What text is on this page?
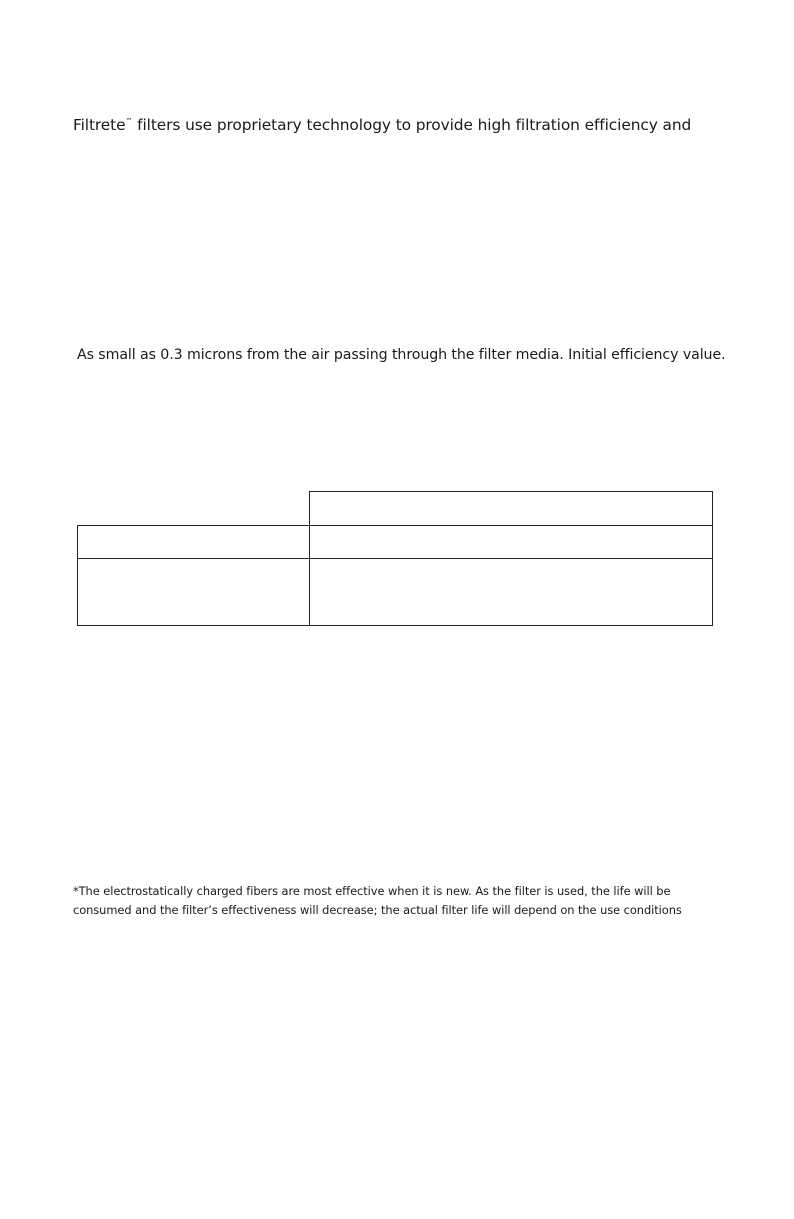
Filtrete™ filters use proprietary technology to provide high filtration efficiency and

As small as 0.3 microns from the air passing through the filter media. Initial efficiency value.

*The electrostatically charged fibers are most effective when it is new. As the filter is used, the life will be
consumed and the filter’s effectiveness will decrease; the actual filter life will depend on the use conditions
